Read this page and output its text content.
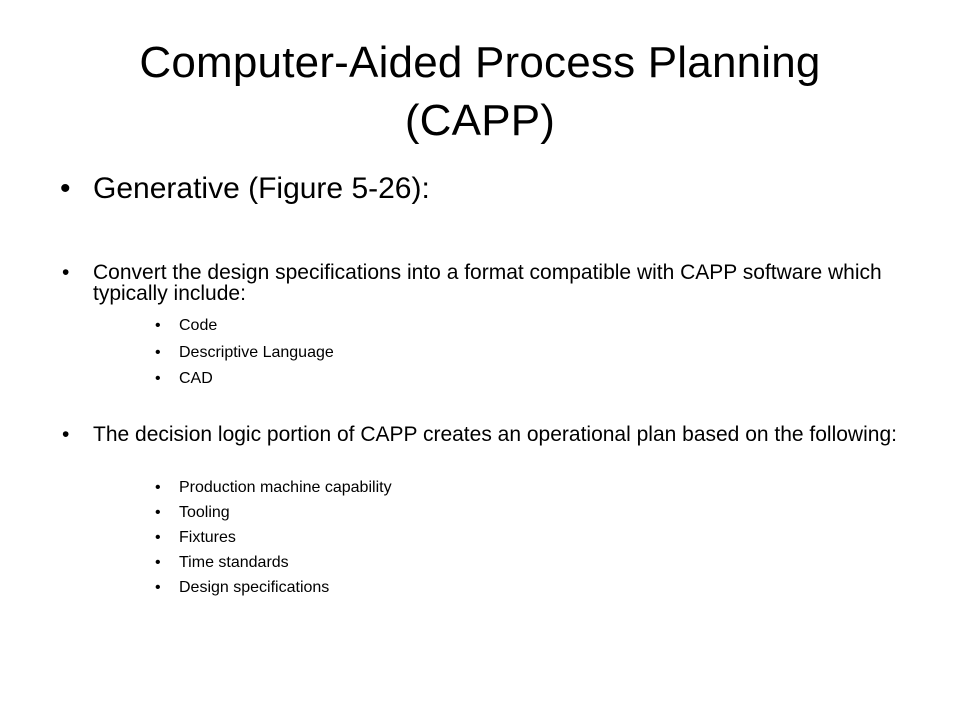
Computer-Aided Process Planning
(CAPP)
• Generative (Figure 5-26):
• Convert the design specifications into a format compatible with CAPP software which typically include:
• Code
• Descriptive Language
• CAD
• The decision logic portion of CAPP creates an operational plan based on the following:
• Production machine capability
• Tooling
• Fixtures
• Time standards
• Design specifications
